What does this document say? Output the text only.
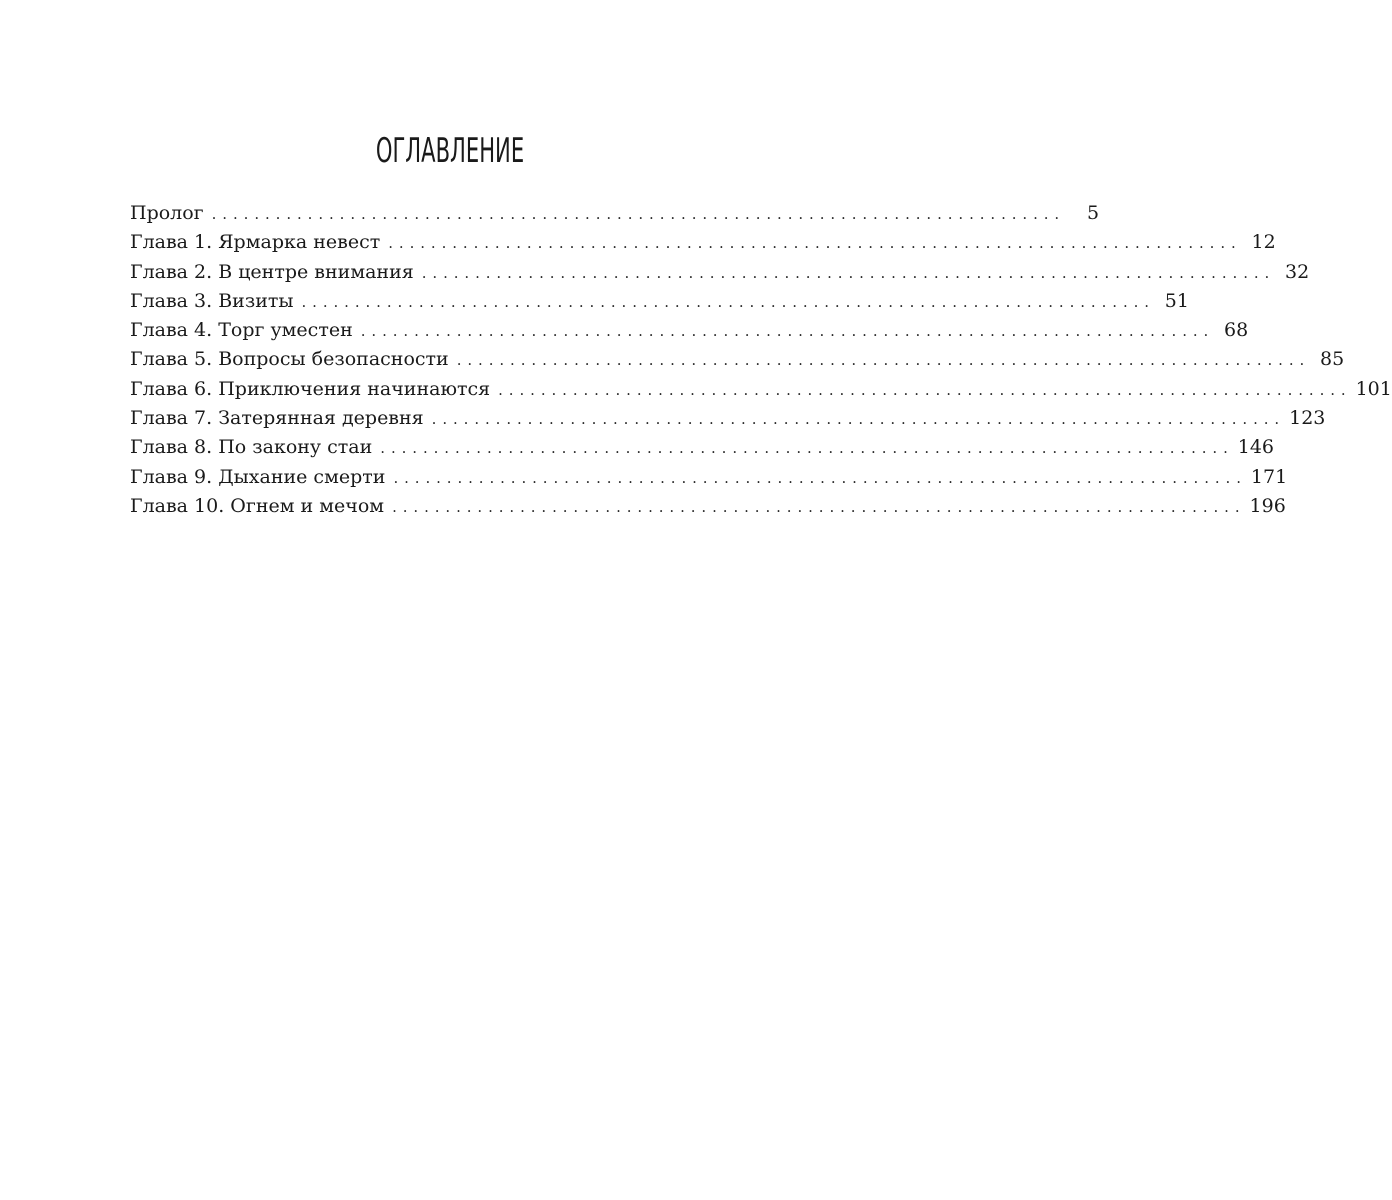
ОГЛАВЛЕНИЕ
Пролог ................................................................................	5
Глава 1. Ярмарка невест ................................................................................ 12
Глава 2. В центре внимания ................................................................................ 32
Глава 3. Визиты ................................................................................ 51
Глава 4. Торг уместен ................................................................................ 68
Глава 5. Вопросы безопасности ................................................................................ 85
Глава 6. Приключения начинаются ................................................................................ 101
Глава 7. Затерянная деревня ................................................................................ 123
Глава 8. По закону стаи ................................................................................ 146
Глава 9. Дыхание смерти ................................................................................ 171
Глава 10. Огнем и мечом ................................................................................ 196
